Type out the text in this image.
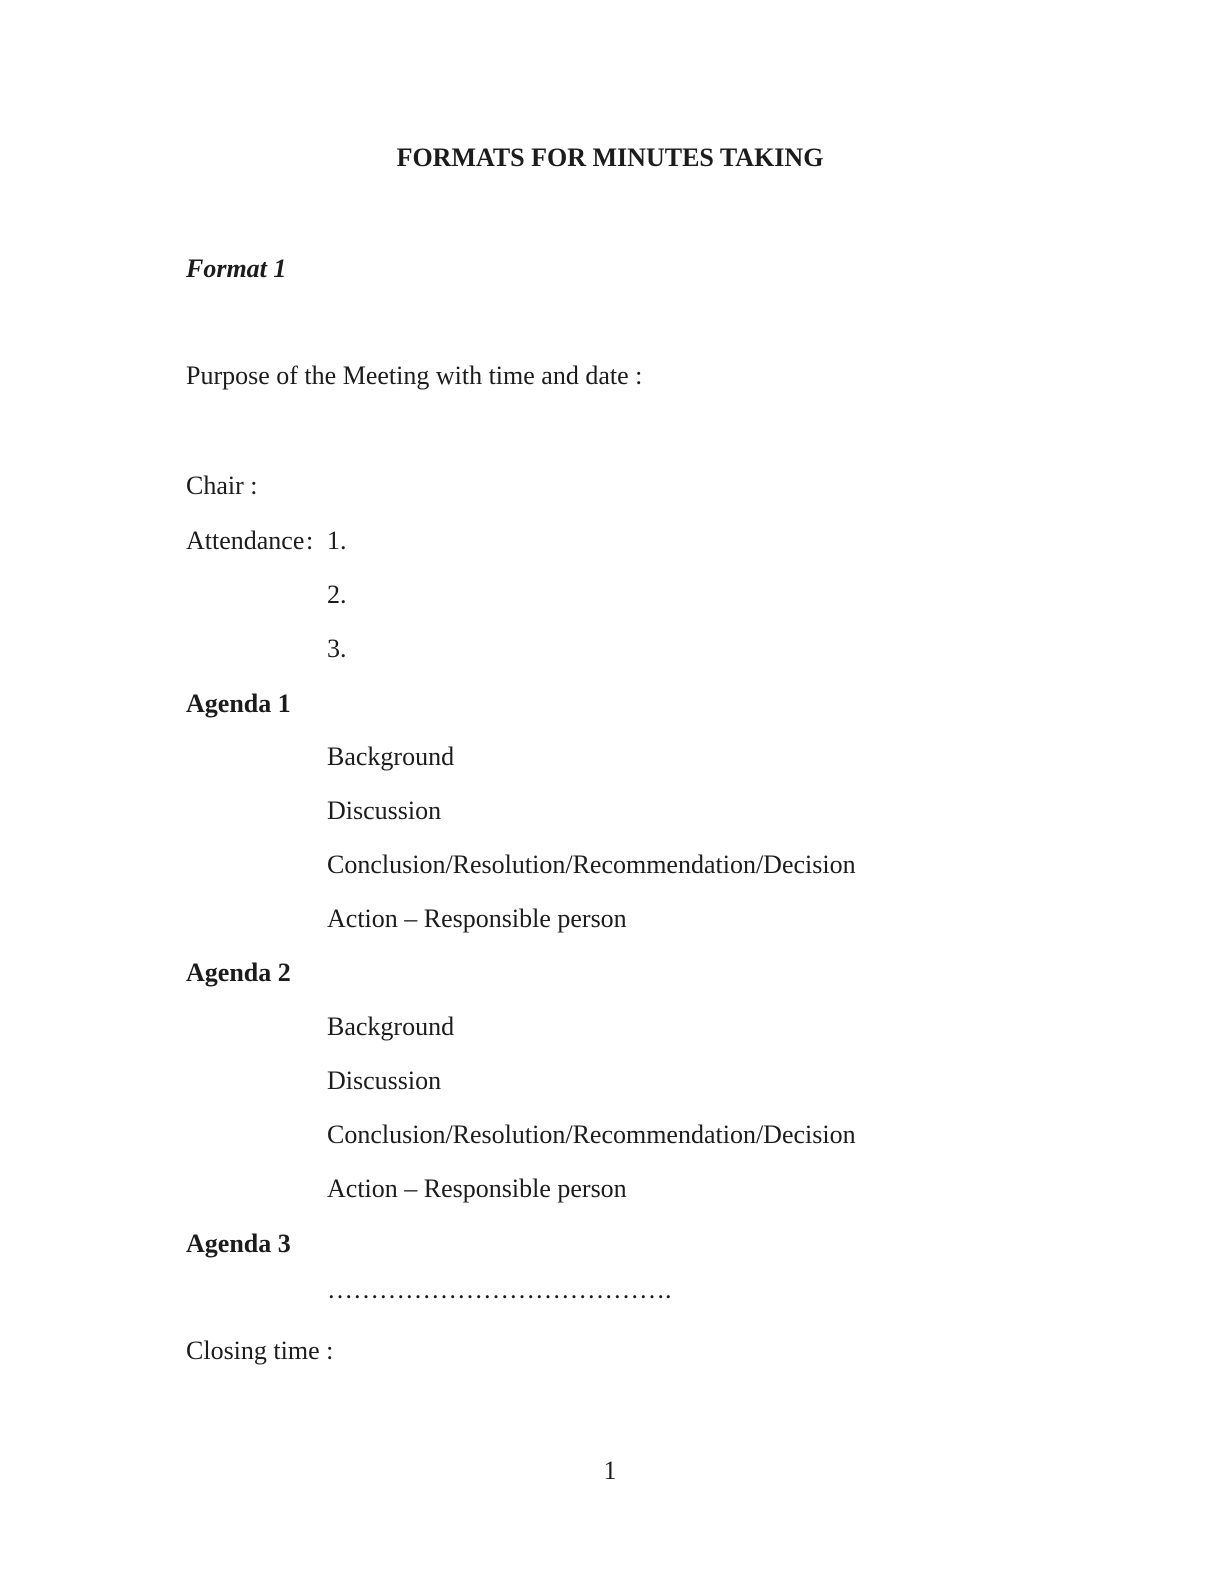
FORMATS FOR MINUTES TAKING
Format 1
Purpose of the Meeting with time and date :
Chair :
Attendance : 1.
2.
3.
Agenda 1
Background
Discussion
Conclusion/Resolution/Recommendation/Decision
Action – Responsible person
Agenda 2
Background
Discussion
Conclusion/Resolution/Recommendation/Decision
Action – Responsible person
Agenda 3
………………………………….
Closing time :
1
